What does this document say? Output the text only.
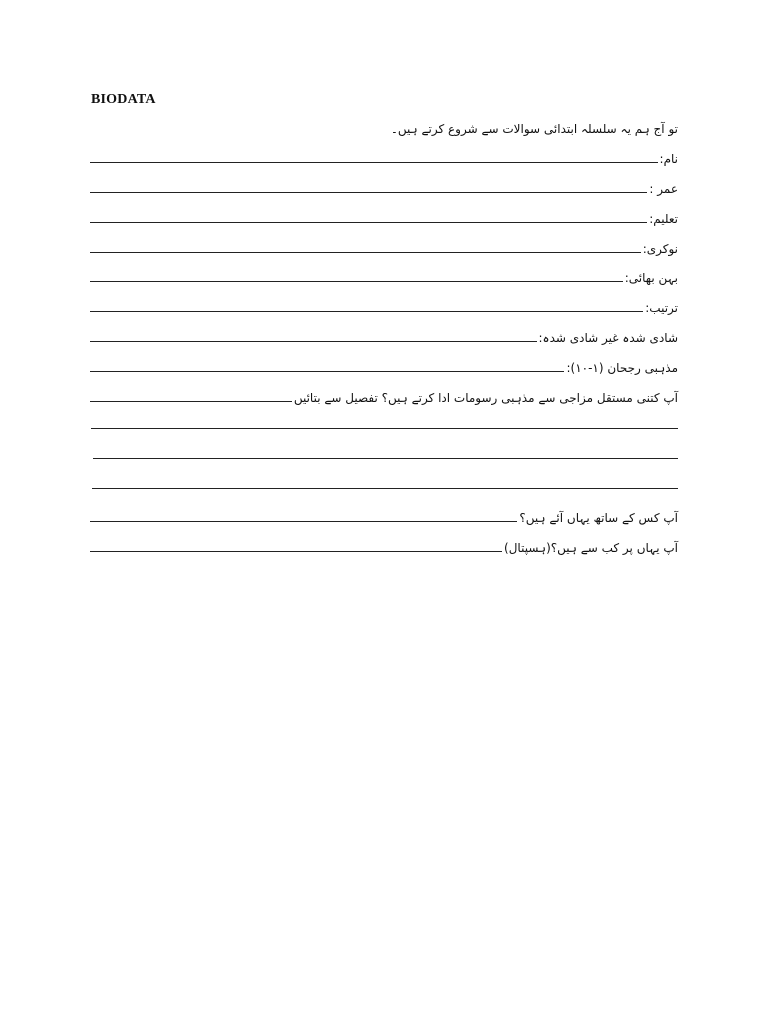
BIODATA
تو آج ہم یہ سلسلہ ابتدائی سوالات سے شروع کرتے ہیں۔
نام:
عمر :
تعلیم:
نوکری:
بہن بھائی:
ترتیب:
شادی شدہ غیر شادی شدہ:
مذہبی رجحان (۱-۱۰):
آپ کتنی مستقل مزاجی سے مذہبی رسومات ادا کرتے ہیں؟ تفصیل سے بتائیں
آپ کس کے ساتھ یہاں آئے ہیں؟
آپ یہاں پر کب سے ہیں؟(ہسپتال)
